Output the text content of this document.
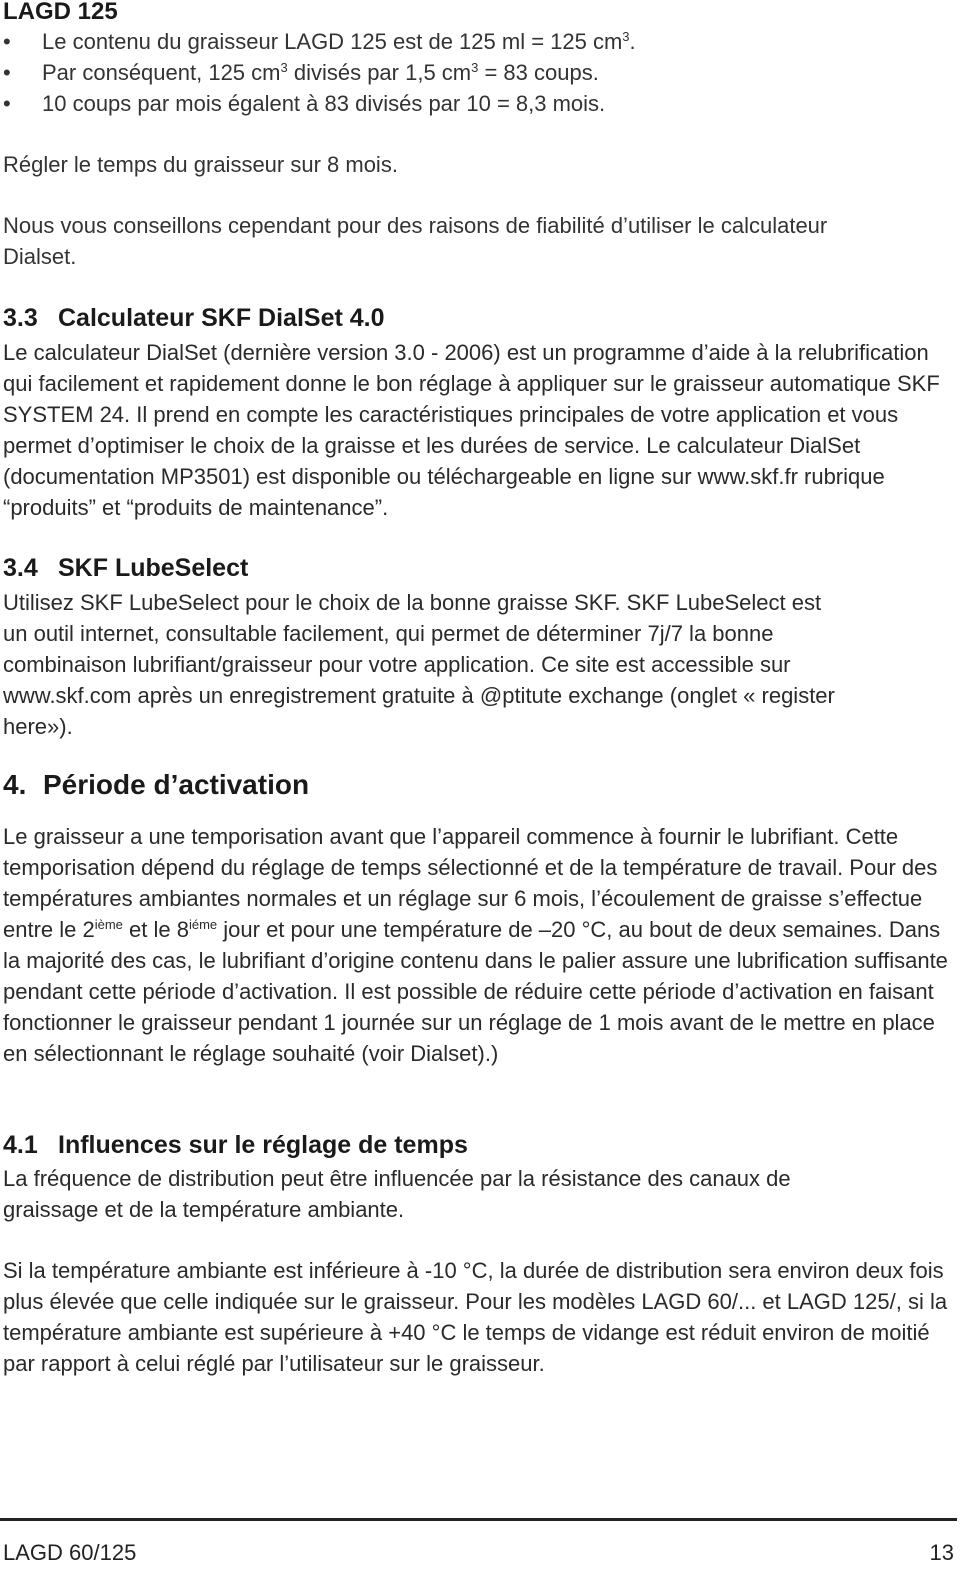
LAGD 125
• Le contenu du graisseur LAGD 125 est de 125 ml = 125 $cm^3$.
• Par conséquent, 125 $cm^3$ divisés par 1,5 $cm^3 = 83$ coups.
• 10 coups par mois égalent à 83 divisés par 10 = 8,3 mois.
Régler le temps du graisseur sur 8 mois.
Nous vous conseillons cependant pour des raisons de fiabilité d’utiliser le calculateur Dialset.
3.3 Calculateur SKF DialSet 4.0
Le calculateur DialSet (dernière version 3.0 - 2006) est un programme d’aide à la relubrification qui facilement et rapidement donne le bon réglage à appliquer sur le graisseur automatique SKF SYSTEM 24. Il prend en compte les caractéristiques principales de votre application et vous permet d’optimiser le choix de la graisse et les durées de service. Le calculateur DialSet (documentation MP3501) est disponible ou téléchargeable en ligne sur www.skf.fr rubrique “produits” et “produits de maintenance”.
3.4 SKF LubeSelect
Utilisez SKF LubeSelect pour le choix de la bonne graisse SKF. SKF LubeSelect est un outil internet, consultable facilement, qui permet de déterminer 7j/7 la bonne combinaison lubrifiant/graisseur pour votre application. Ce site est accessible sur www.skf.com après un enregistrement gratuite à @ptitute exchange (onglet « register here»).
4. Période d’activation
Le graisseur a une temporisation avant que l’appareil commence à fournir le lubrifiant. Cette temporisation dépend du réglage de temps sélectionné et de la température de travail. Pour des températures ambiantes normales et un réglage sur 6 mois, l’écoulement de graisse s’effectue entre le 2ième et le $8^{iéme}$ jour et pour une température de –20 °C, au bout de deux semaines. Dans la majorité des cas, le lubrifiant d’origine contenu dans le palier assure une lubrification suffisante pendant cette période d’activation. Il est possible de réduire cette période d’activation en faisant fonctionner le graisseur pendant 1 journée sur un réglage de 1 mois avant de le mettre en place en sélectionnant le réglage souhaité (voir Dialset).)
4.1 Influences sur le réglage de temps
La fréquence de distribution peut être influencée par la résistance des canaux de graissage et de la température ambiante.
Si la température ambiante est inférieure à -10 °C, la durée de distribution sera environ deux fois plus élevée que celle indiquée sur le graisseur. Pour les modèles LAGD 60/... et LAGD 125/, si la température ambiante est supérieure à +40 °C le temps de vidange est réduit environ de moitié par rapport à celui réglé par l’utilisateur sur le graisseur.
LAGD 60/125	13
